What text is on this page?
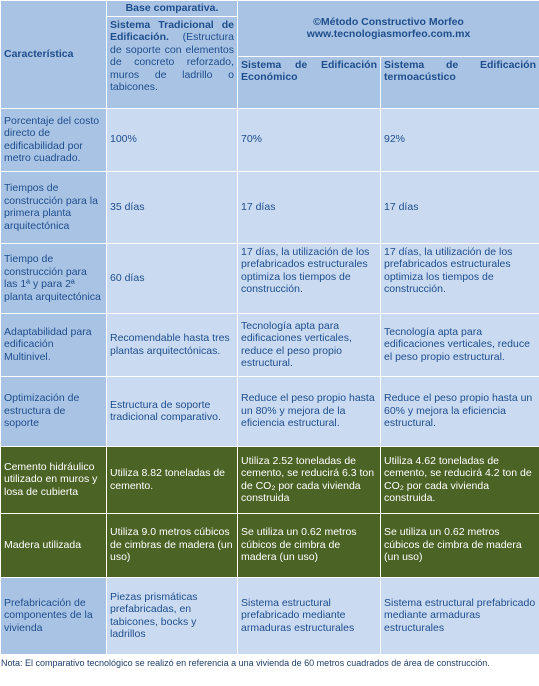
Característica	Base comparativa.	©Método Constructivo Morfeo
www.tecnologiasmorfeo.com.mx	

	Sistema Tradicional de Edificación. (Estructura de soporte con elementos de concreto reforzado, muros de ladrillo o tabicones.		
		Sistema de Edificación Económico	Sistema de Edificación termoacústico
Porcentaje del costo directo de edificabilidad por metro cuadrado.	100%	70%	92%
Tiempos de construcción para la primera planta arquitectónica	35 días	17 días	17 días
Tiempo de construcción para las 1ª y para 2ª planta arquitectónica	60 días	17 días, la utilización de los prefabricados estructurales optimiza los tiempos de construcción.	17 días, la utilización de los prefabricados estructurales optimiza los tiempos de construcción.
Adaptabilidad para edificación Multinivel.	Recomendable hasta tres plantas arquitectónicas.	Tecnología apta para edificaciones verticales, reduce el peso propio estructural.	Tecnología apta para edificaciones verticales, reduce el peso propio estructural.
Optimización de estructura de soporte	Estructura de soporte tradicional comparativo.	Reduce el peso propio hasta un 80% y mejora de la eficiencia estructural.	Reduce el peso propio hasta un 60% y mejora la eficiencia estructural.
Cemento hidráulico utilizado en muros y losa de cubierta	Utiliza 8.82 toneladas de cemento.	Utiliza 2.52 toneladas de cemento, se reducirá 6.3 ton de CO₂ por cada vivienda construida	Utiliza 4.62 toneladas de cemento, se reducirá 4.2 ton de CO₂ por cada vivienda construida.
Madera utilizada	Utiliza 9.0 metros cúbicos de cimbras de madera (un uso)	Se utiliza un 0.62 metros cúbicos de cimbra de madera (un uso)	Se utiliza un 0.62 metros cúbicos de cimbra de madera (un uso)
Prefabricación de componentes de la vivienda	Piezas prismáticas prefabricadas, en tabicones, bocks y ladrillos	Sistema estructural prefabricado mediante armaduras estructurales	Sistema estructural prefabricado mediante armaduras estructurales
Nota: El comparativo tecnológico se realizó en referencia a una vivienda de 60 metros cuadrados de área de construcción.
